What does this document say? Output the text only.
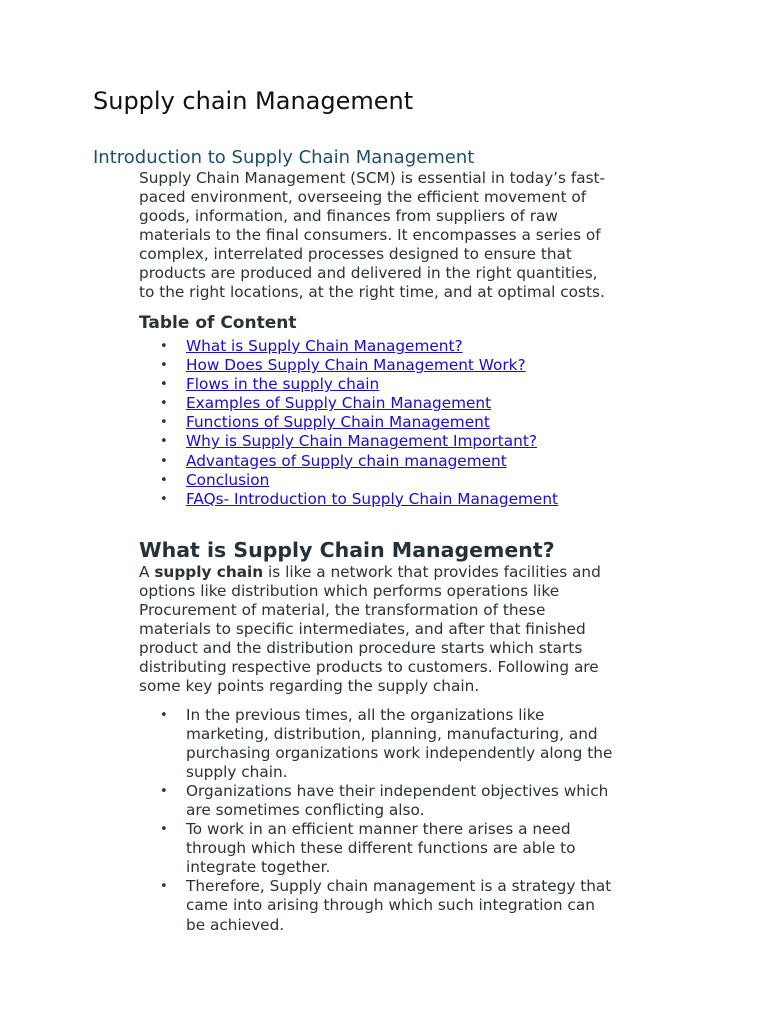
Supply chain Management
Introduction to Supply Chain Management

Supply Chain Management (SCM) is essential in today’s fast-
paced environment, overseeing the efficient movement of
goods, information, and finances from suppliers of raw
materials to the final consumers. It encompasses a series of
complex, interrelated processes designed to ensure that
products are produced and delivered in the right quantities,
to the right locations, at the right time, and at optimal costs.

Table of Content
• What is Supply Chain Management?
• How Does Supply Chain Management Work?
• Flows in the supply chain
• Examples of Supply Chain Management
• Functions of Supply Chain Management
• Why is Supply Chain Management Important?
• Advantages of Supply chain management
• Conclusion
• FAQs- Introduction to Supply Chain Management
What is Supply Chain Management?

A supply chain is like a network that provides facilities and
options like distribution which performs operations like
Procurement of material, the transformation of these
materials to specific intermediates, and after that finished
product and the distribution procedure starts which starts
distributing respective products to customers. Following are
some key points regarding the supply chain.

• In the previous times, all the organizations like
marketing, distribution, planning, manufacturing, and
purchasing organizations work independently along the
supply chain.
• Organizations have their independent objectives which
are sometimes conflicting also.
• To work in an efficient manner there arises a need
through which these different functions are able to
integrate together.
• Therefore, Supply chain management is a strategy that
came into arising through which such integration can
be achieved.
